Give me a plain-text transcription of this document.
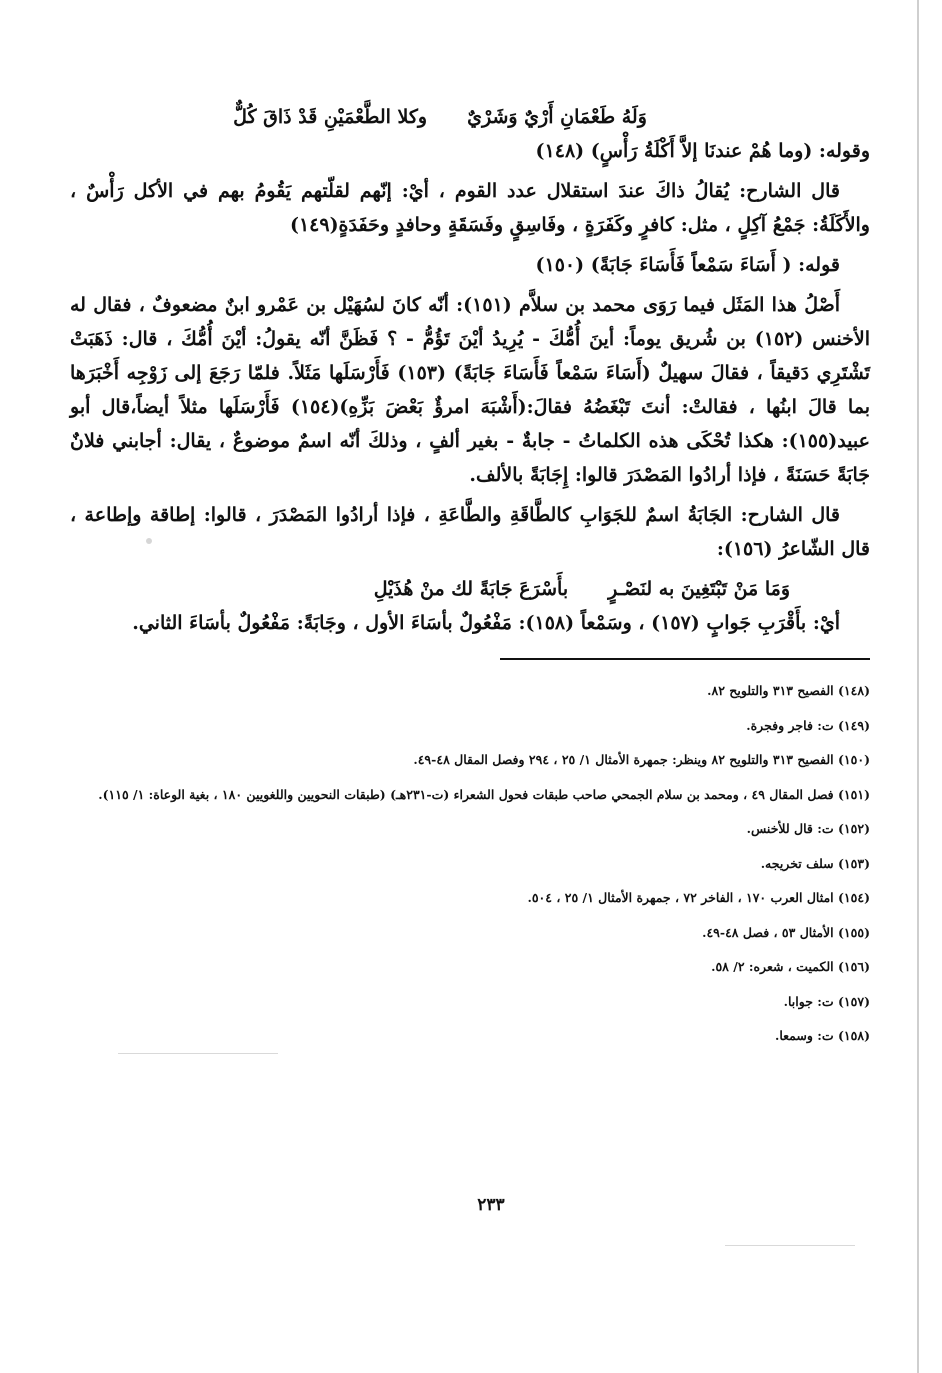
وَلَهُ طَعْمَانِ أَرْيٌ وَشَرْيٌ
وكلا الطَّعْمَيْنِ قَدْ ذَاقَ كُلٌّ

وقوله: (وما هُمْ عندنَا إلاَّ أَكْلَةُ رَأْسٍ) (١٤٨)

قال الشارح: يُقالُ ذاكَ عندَ استقلال عدد القوم ، أيْ: إنّهم لقلّتهم يَقُومُ بهم في الأكل رَأْسٌ ، والأَكَلَةُ: جَمْعُ آكِلٍ ، مثل: كافرٍ وكَفَرَةٍ ، وفَاسِقٍ وفَسَقَةٍ وحافدٍ وحَفَدَةٍ(١٤٩)

قوله: ( أَسَاءَ سَمْعاً فَأَسَاءَ جَابَةً) (١٥٠)

أَصْلُ هذا المَثَل فيما رَوَى محمد بن سلاَّم (١٥١): أنّه كانَ لسُهَيْل بن عَمْرو ابنٌ مضعوفٌ ، فقال له الأخنس (١٥٢) بن شُريق يوماً: أينَ أُمُّكَ - يُرِيدُ أيْنَ تَؤُمُّ - ؟ فَظَنَّ أنّه يقولُ: أيْنَ أُمُّكَ ، قال: ذَهَبَتْ تَشْتَرِي دَقيقاً ، فقالَ سهيلٌ (أَسَاءَ سَمْعاً فَأَسَاءَ جَابَةً) (١٥٣) فَأَرْسَلَها مَثَلاً. فلمّا رَجَعَ إلى زَوْجِه أَخْبَرَها بما قالَ ابنُها ، فقالتْ: أنتَ تَبْغَضُهُ فقالَ:(أَشْبَهَ امرؤٌ بَعْضَ بَزِّهِ)(١٥٤) فَأَرْسَلَها مثلاً أيضاً،قال أبو عبيد(١٥٥): هكذا تُحْكَى هذه الكلماتُ - جابةٌ - بغير ألفٍ ، وذلكَ أنّه اسمٌ موضوعٌ ، يقال: أجابني فلانٌ جَابَةً حَسَنَةً ، فإذا أرادُوا المَصْدَرَ قالوا: إِجَابَةً بالألف.

قال الشارح: الجَابَةُ اسمٌ للجَوَابِ كالطَّاقَةِ والطَّاعَةِ ، فإذا أرادُوا المَصْدَرَ ، قالوا: إطاقة وإطاعة ، قال الشّاعرُ (١٥٦):

وَمَا مَنْ تَبْتَغِينَ به لنَصْـرٍ
بأَسْرَعَ جَابَةً لك منْ هُذَيْلِ

أيْ: بأَقْرَبِ جَوابٍ (١٥٧) ، وسَمْعاً (١٥٨): مَفْعُولٌ بأسَاءَ الأول ، وجَابَةً: مَفْعُولٌ بأسَاءَ الثاني.

(١٤٨) الفصيح ٣١٣ والتلويح ٨٢.

(١٤٩) ت: فاجر وفجرة.

(١٥٠) الفصيح ٣١٣ والتلويح ٨٢ وينظر: جمهرة الأمثال ١/ ٢٥ ، ٢٩٤ وفصل المقال ٤٨-٤٩.

(١٥١) فصل المقال ٤٩ ، ومحمد بن سلام الجمحي صاحب طبقات فحول الشعراء (ت-٢٣١هـ) (طبقات النحويين واللغويين ١٨٠ ، بغية الوعاة: ١/ ١١٥).

(١٥٢) ت: قال للأخنس.

(١٥٣) سلف تخريجه.

(١٥٤) امثال العرب ١٧٠ ، الفاخر ٧٢ ، جمهرة الأمثال ١/ ٢٥ ، ٥٠٤.

(١٥٥) الأمثال ٥٣ ، فصل ٤٨-٤٩.

(١٥٦) الكميت ، شعره: ٢/ ٥٨.

(١٥٧) ت: جوابا.

(١٥٨) ت: وسمعا.

٢٣٣
